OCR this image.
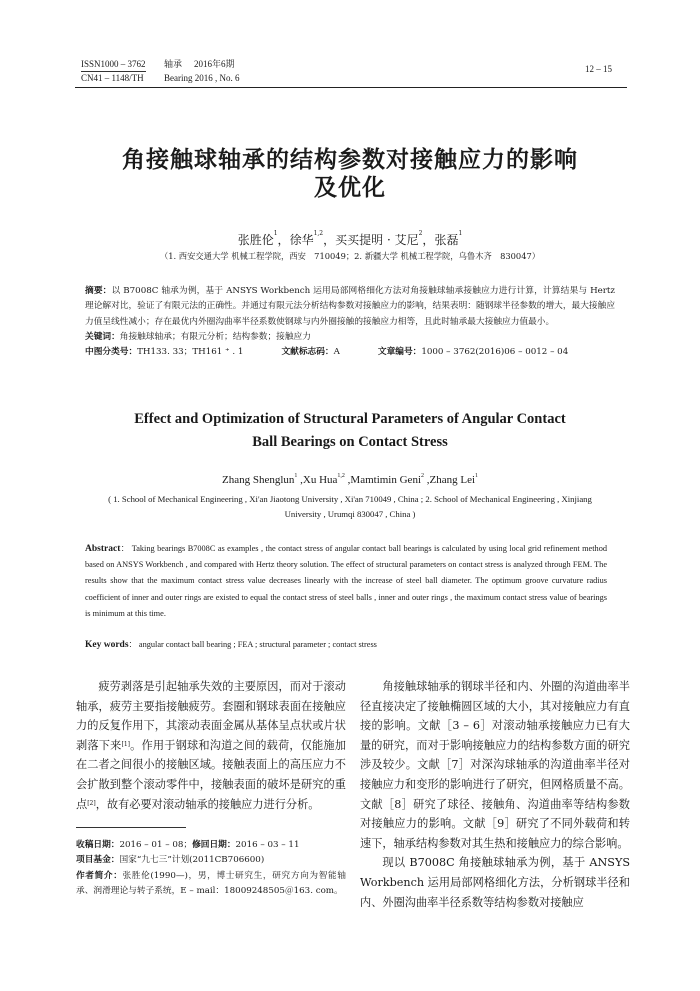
ISSN1000 – 3762 轴承 2016年6期
CN41 – 1148/TH Bearing 2016 , No. 6
12 – 15
角接触球轴承的结构参数对接触应力的影响
及优化
张胜伦$^1$，徐华$^{1,2}$，买买提明 · 艾尼$^2$，张磊$^1$
（1. 西安交通大学 机械工程学院，西安　710049；2. 新疆大学 机械工程学院，乌鲁木齐　830047）
摘要：以 B7008C 轴承为例，基于 ANSYS Workbench 运用局部网格细化方法对角接触球轴承接触应力进行计算，计算结果与 Hertz 理论解对比，验证了有限元法的正确性。并通过有限元法分析结构参数对接触应力的影响，结果表明：随钢球半径参数的增大，最大接触应力值呈线性减小；存在最优内外圈沟曲率半径系数使钢球与内外圈接触的接触应力相等，且此时轴承最大接触应力值最小。
关键词：角接触球轴承；有限元分析；结构参数；接触应力
中图分类号：TH133. 33；TH161 ⁺ . 1	文献标志码：A	文章编号：1000 – 3762(2016)06 – 0012 – 04
Effect and Optimization of Structural Parameters of Angular Contact
Ball Bearings on Contact Stress
Zhang Shenglun$^1$ ,Xu Hua$^{1,2}$ ,Mamtimin Geni$^2$ ,Zhang Lei$^1$
( 1. School of Mechanical Engineering , Xi'an Jiaotong University , Xi'an 710049 , China ; 2. School of Mechanical Engineering , Xinjiang University , Urumqi 830047 , China )
Abstract： Taking bearings B7008C as examples , the contact stress of angular contact ball bearings is calculated by using local grid refinement method based on ANSYS Workbench , and compared with Hertz theory solution. The effect of structural parameters on contact stress is analyzed through FEM. The results show that the maximum contact stress value decreases linearly with the increase of steel ball diameter. The optimum groove curvature radius coefficient of inner and outer rings are existed to equal the contact stress of steel balls , inner and outer rings , the maximum contact stress value of bearings is minimum at this time.
Key words： angular contact ball bearing ; FEA ; structural parameter ; contact stress
疲劳剥落是引起轴承失效的主要原因，而对于滚动轴承，疲劳主要指接触疲劳。套圈和钢球表面在接触应力的反复作用下，其滚动表面金属从基体呈点状或片状剥落下来[1]。作用于钢球和沟道之间的载荷，仅能施加在二者之间很小的接触区域。接触表面上的高压应力不会扩散到整个滚动零件中，接触表面的破坏是研究的重点[2]，故有必要对滚动轴承的接触应力进行分析。
收稿日期：2016 – 01 – 08；修回日期：2016 – 03 – 11
项目基金：国家“九七三”计划(2011CB706600)
作者简介：张胜伦(1990—)，男，博士研究生，研究方向为智能轴承、润滑理论与转子系统，E – mail：18009248505＠163. com。
角接触球轴承的钢球半径和内、外圈的沟道曲率半径直接决定了接触椭圆区域的大小，其对接触应力有直接的影响。文献［3 – 6］对滚动轴承接触应力已有大量的研究，而对于影响接触应力的结构参数方面的研究涉及较少。文献［7］对深沟球轴承的沟道曲率半径对接触应力和变形的影响进行了研究，但网格质量不高。文献［8］研究了球径、接触角、沟道曲率等结构参数对接触应力的影响。文献［9］研究了不同外载荷和转速下，轴承结构参数对其生热和接触应力的综合影响。
现以 B7008C 角接触球轴承为例，基于 ANSYS Workbench 运用局部网格细化方法，分析钢球半径和内、外圈沟曲率半径系数等结构参数对接触应
